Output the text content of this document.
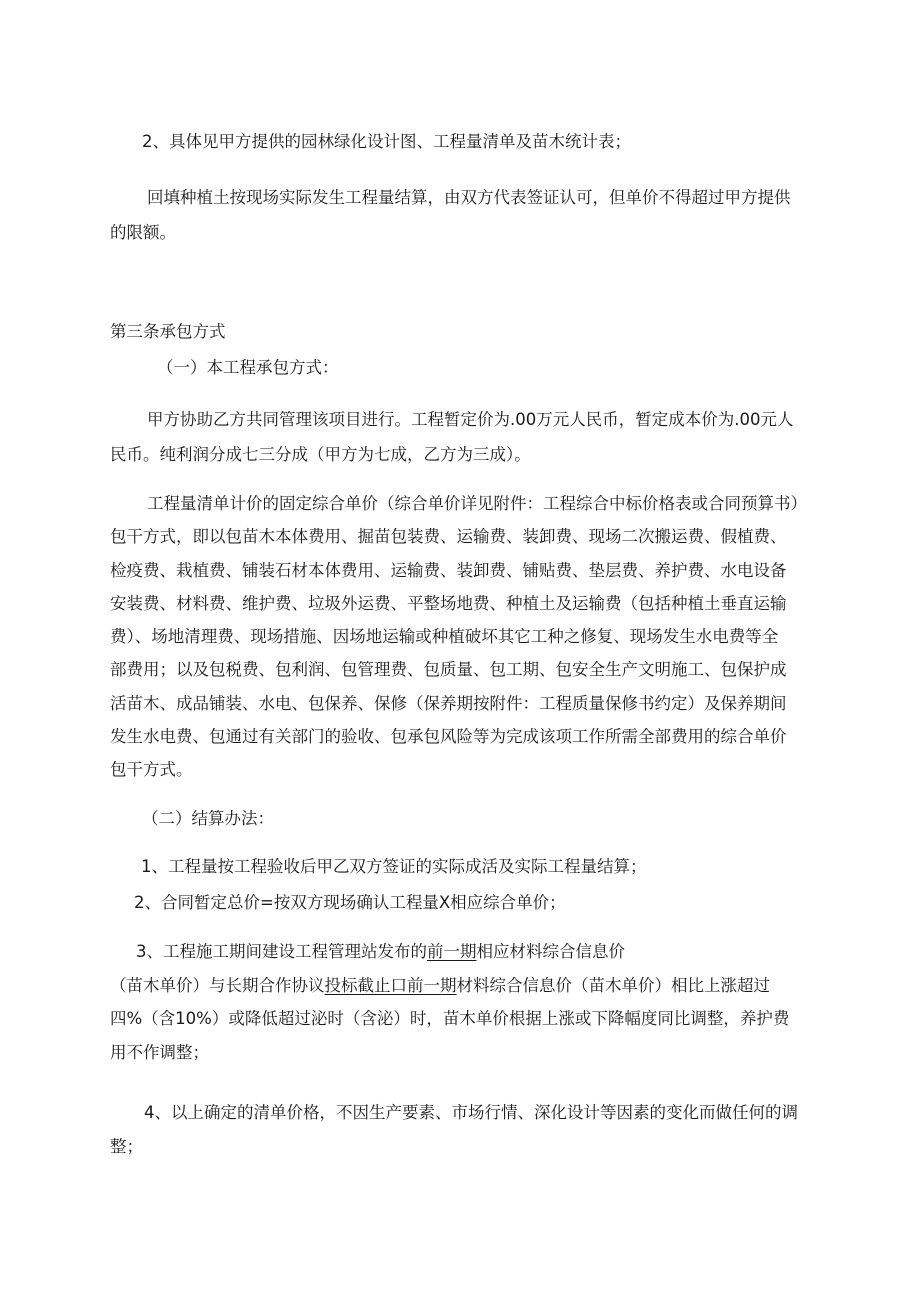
2、具体见甲方提供的园林绿化设计图、工程量清单及苗木统计表；

回填种植土按现场实际发生工程量结算，由双方代表签证认可，但单价不得超过甲方提供
的限额。
第三条承包方式

（一）本工程承包方式：

甲方协助乙方共同管理该项目进行。工程暂定价为.00万元人民币，暂定成本价为.00元人
民币。纯利润分成七三分成（甲方为七成，乙方为三成）。
工程量清单计价的固定综合单价（综合单价详见附件：工程综合中标价格表或合同预算书）
包干方式，即以包苗木本体费用、掘苗包装费、运输费、装卸费、现场二次搬运费、假植费、
检疫费、栽植费、铺装石材本体费用、运输费、装卸费、铺贴费、垫层费、养护费、水电设备
安装费、材料费、维护费、垃圾外运费、平整场地费、种植土及运输费（包括种植土垂直运输
费）、场地清理费、现场措施、因场地运输或种植破坏其它工种之修复、现场发生水电费等全
部费用；以及包税费、包利润、包管理费、包质量、包工期、包安全生产文明施工、包保护成
活苗木、成品铺装、水电、包保养、保修（保养期按附件：工程质量保修书约定）及保养期间
发生水电费、包通过有关部门的验收、包承包风险等为完成该项工作所需全部费用的综合单价
包干方式。

（二）结算办法：

1、工程量按工程验收后甲乙双方签证的实际成活及实际工程量结算；

2、合同暂定总价=按双方现场确认工程量X相应综合单价；

3、工程施工期间建设工程管理站发布的前一期相应材料综合信息价
（苗木单价）与长期合作协议投标截止口前一期材料综合信息价（苗木单价）相比上涨超过
四%（含10%）或降低超过泌时（含泌）时，苗木单价根据上涨或下降幅度同比调整，养护费
用不作调整；
4、以上确定的清单价格，不因生产要素、市场行情、深化设计等因素的变化而做任何的调
整；
